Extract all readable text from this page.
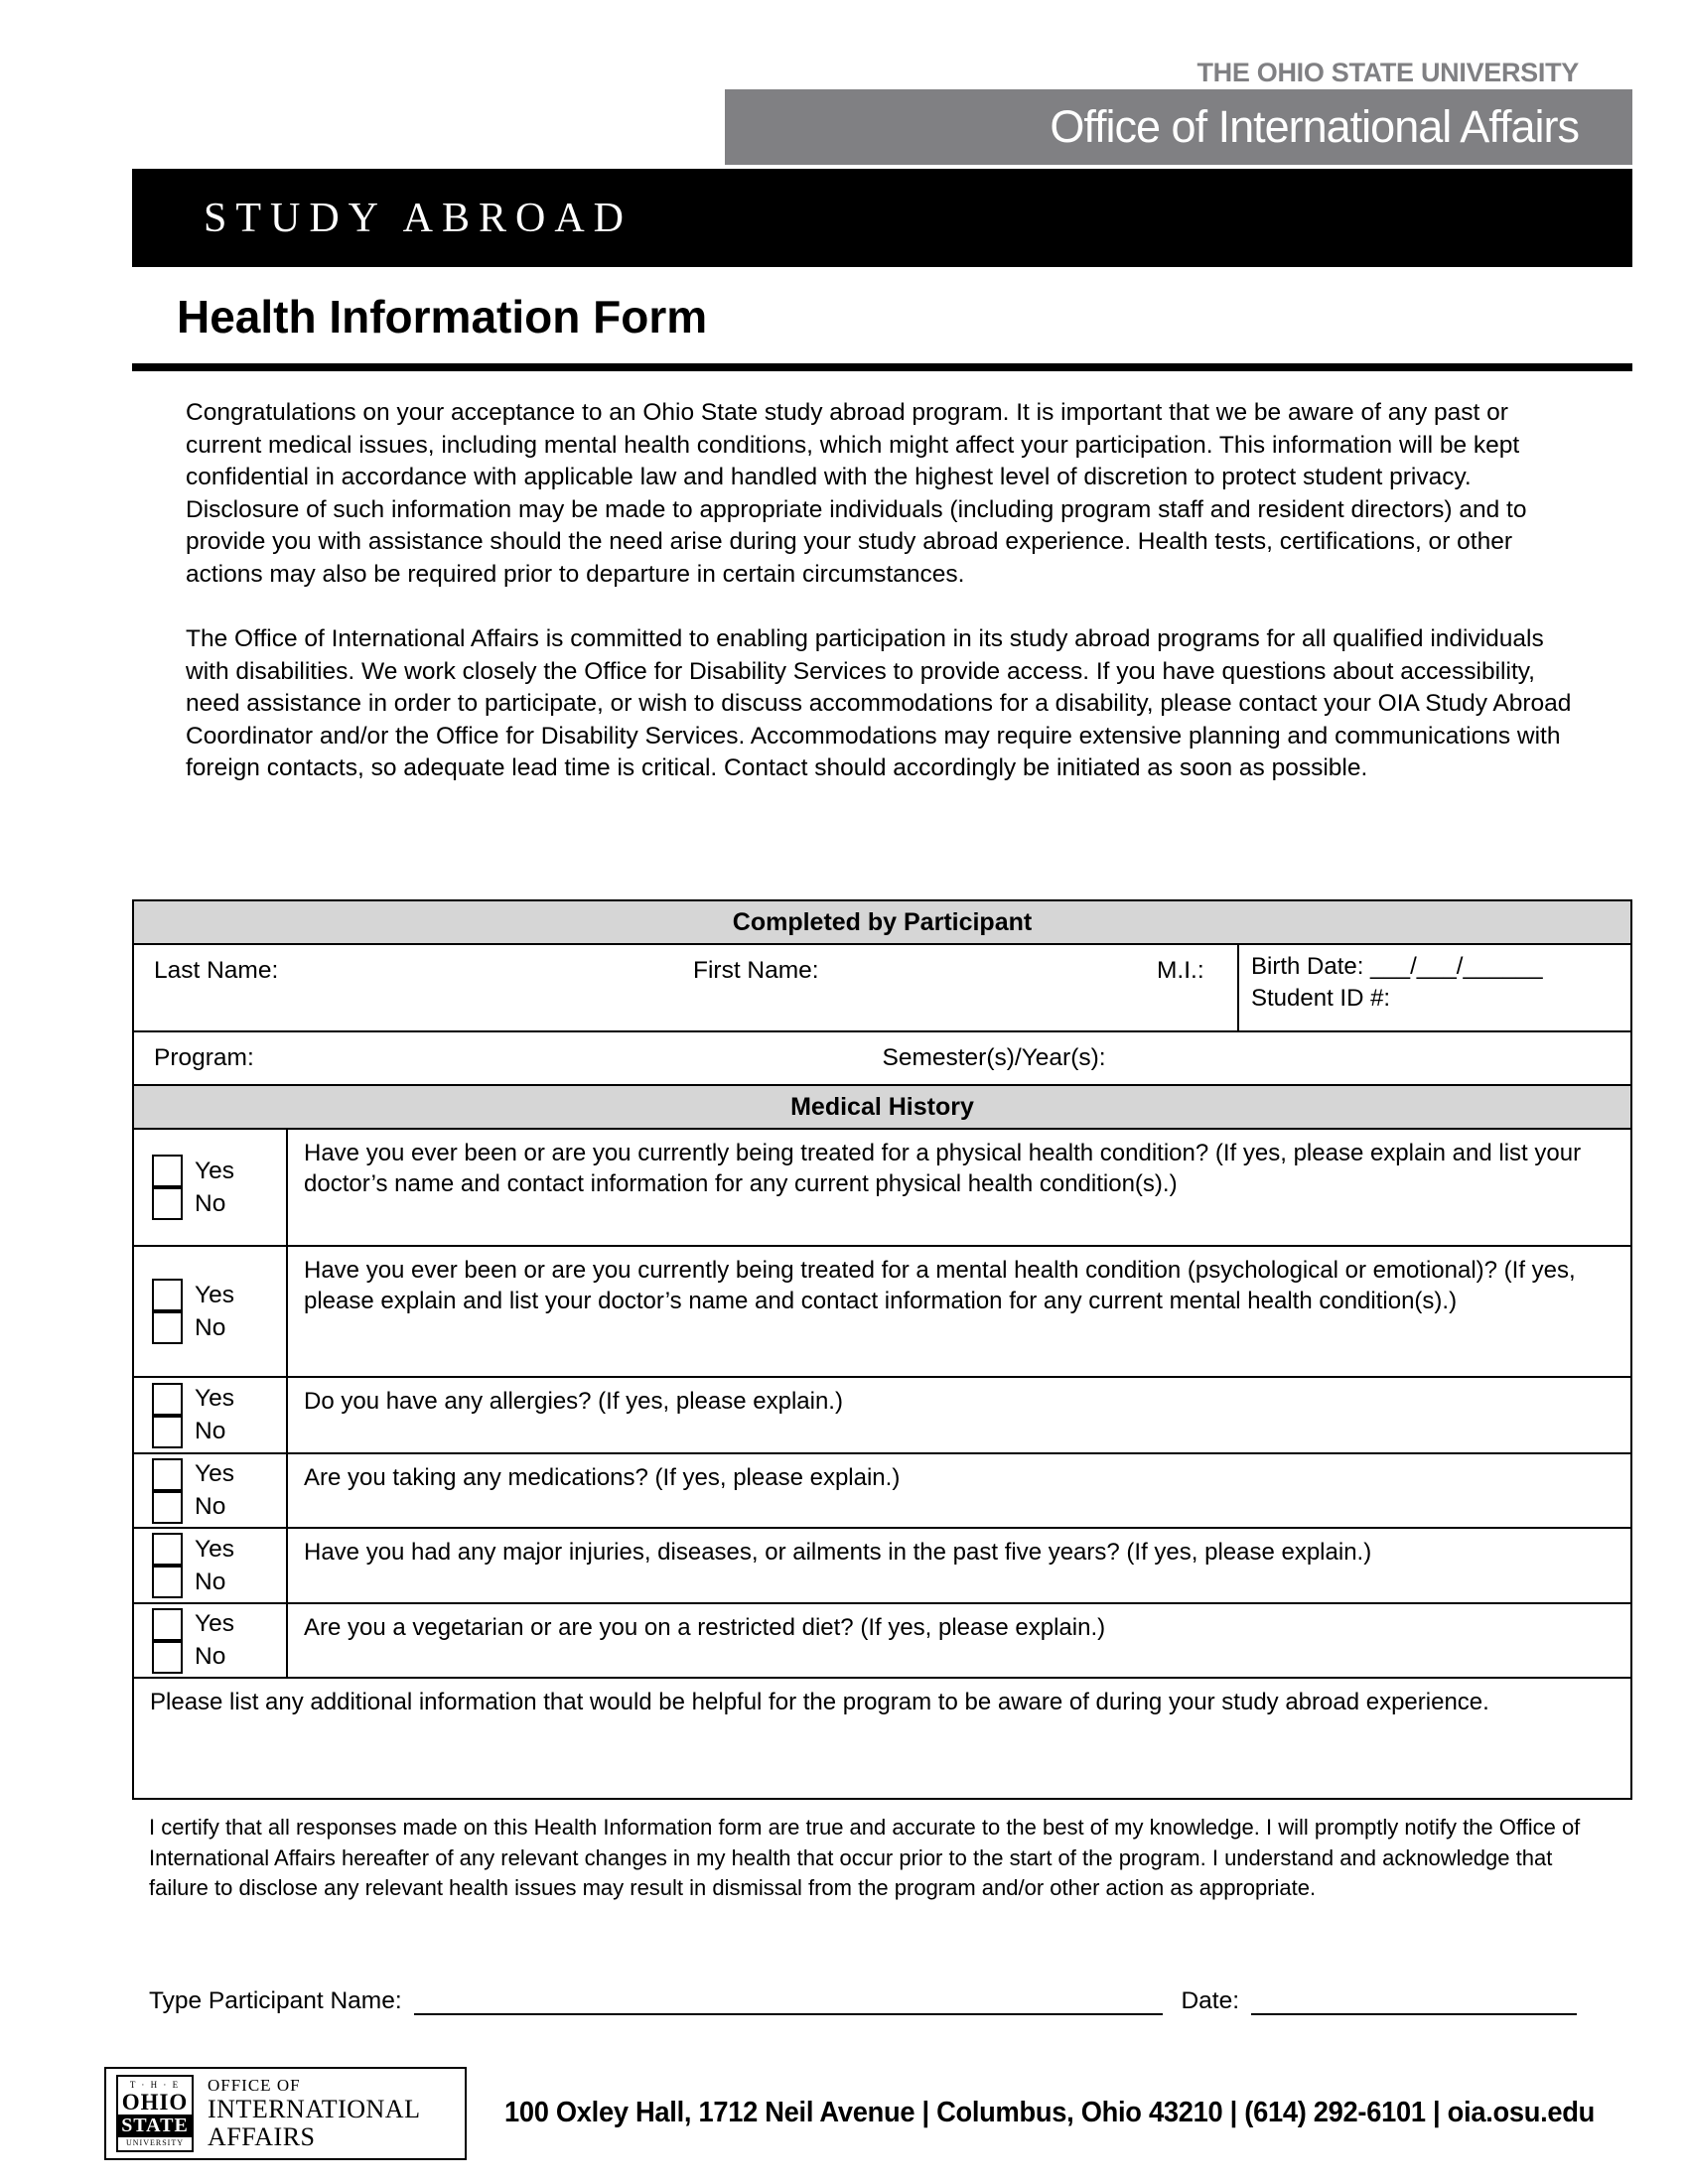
THE OHIO STATE UNIVERSITY
Office of International Affairs
STUDY ABROAD
Health Information Form

Congratulations on your acceptance to an Ohio State study abroad program. It is important that we be aware of any past or current medical issues, including mental health conditions, which might affect your participation. This information will be kept confidential in accordance with applicable law and handled with the highest level of discretion to protect student privacy. Disclosure of such information may be made to appropriate individuals (including program staff and resident directors) and to provide you with assistance should the need arise during your study abroad experience. Health tests, certifications, or other actions may also be required prior to departure in certain circumstances.

The Office of International Affairs is committed to enabling participation in its study abroad programs for all qualified individuals with disabilities. We work closely the Office for Disability Services to provide access. If you have questions about accessibility, need assistance in order to participate, or wish to discuss accommodations for a disability, please contact your OIA Study Abroad Coordinator and/or the Office for Disability Services. Accommodations may require extensive planning and communications with foreign contacts, so adequate lead time is critical. Contact should accordingly be initiated as soon as possible.

Completed by Participant
Last Name:	First Name:	M.I.:	Birth Date: ___/___/______
Student ID #:
Program:	Semester(s)/Year(s):
Medical History
Yes
No
Have you ever been or are you currently being treated for a physical health condition? (If yes, please explain and list your doctor’s name and contact information for any current physical health condition(s).)
Yes
No
Have you ever been or are you currently being treated for a mental health condition (psychological or emotional)? (If yes, please explain and list your doctor’s name and contact information for any current mental health condition(s).)
Yes
No
Do you have any allergies? (If yes, please explain.)
Yes
No
Are you taking any medications? (If yes, please explain.)
Yes
No
Have you had any major injuries, diseases, or ailments in the past five years? (If yes, please explain.)
Yes
No
Are you a vegetarian or are you on a restricted diet? (If yes, please explain.)
Please list any additional information that would be helpful for the program to be aware of during your study abroad experience.
I certify that all responses made on this Health Information form are true and accurate to the best of my knowledge. I will promptly notify the Office of International Affairs hereafter of any relevant changes in my health that occur prior to the start of the program. I understand and acknowledge that failure to disclose any relevant health issues may result in dismissal from the program and/or other action as appropriate.
Type Participant Name:	Date:
T · H · E
OHIO
STATE
UNIVERSITY
OFFICE OF
INTERNATIONAL
AFFAIRS
100 Oxley Hall, 1712 Neil Avenue | Columbus, Ohio 43210 | (614) 292-6101 | oia.osu.edu
